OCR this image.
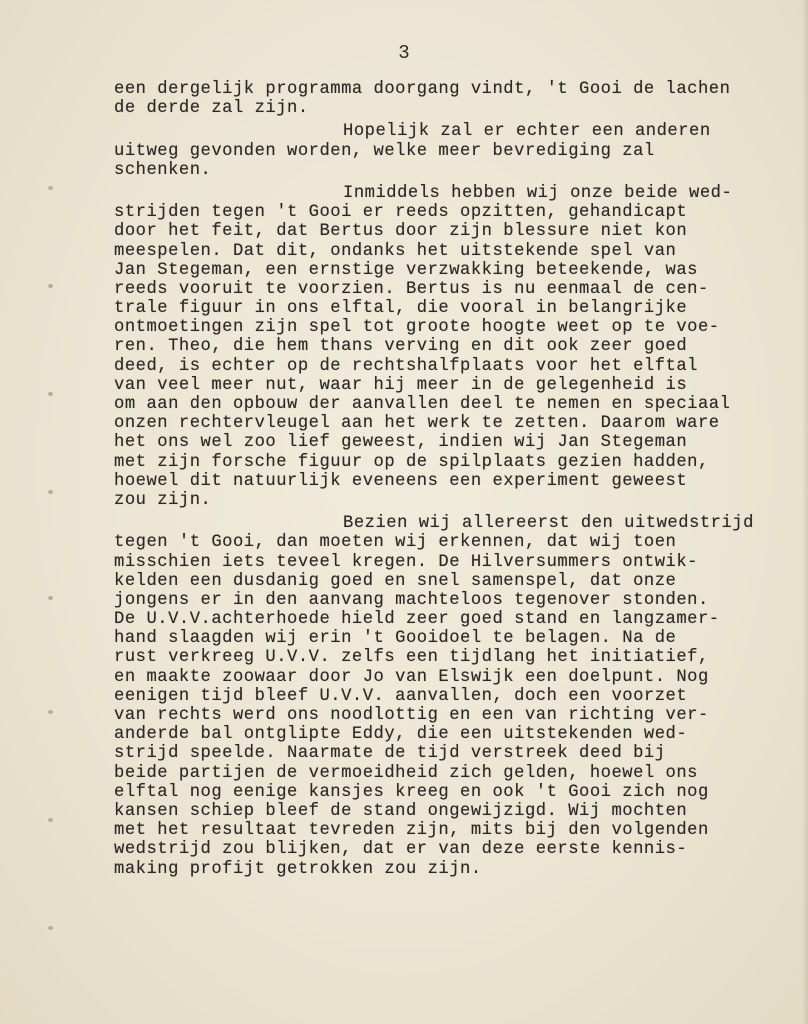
3
een dergelijk programma doorgang vindt, 't Gooi de lachen
de derde zal zijn.
Hopelijk zal er echter een anderen
uitweg gevonden worden, welke meer bevrediging zal
schenken.
Inmiddels hebben wij onze beide wed-
strijden tegen 't Gooi er reeds opzitten, gehandicapt
door het feit, dat Bertus door zijn blessure niet kon
meespelen. Dat dit, ondanks het uitstekende spel van
Jan Stegeman, een ernstige verzwakking beteekende, was
reeds vooruit te voorzien. Bertus is nu eenmaal de cen-
trale figuur in ons elftal, die vooral in belangrijke
ontmoetingen zijn spel tot groote hoogte weet op te voe-
ren. Theo, die hem thans verving en dit ook zeer goed
deed, is echter op de rechtshalfplaats voor het elftal
van veel meer nut, waar hij meer in de gelegenheid is
om aan den opbouw der aanvallen deel te nemen en speciaal
onzen rechtervleugel aan het werk te zetten. Daarom ware
het ons wel zoo lief geweest, indien wij Jan Stegeman
met zijn forsche figuur op de spilplaats gezien hadden,
hoewel dit natuurlijk eveneens een experiment geweest
zou zijn.
Bezien wij allereerst den uitwedstrijd
tegen 't Gooi, dan moeten wij erkennen, dat wij toen
misschien iets teveel kregen. De Hilversummers ontwik-
kelden een dusdanig goed en snel samenspel, dat onze
jongens er in den aanvang machteloos tegenover stonden.
De U.V.V.achterhoede hield zeer goed stand en langzamer-
hand slaagden wij erin 't Gooidoel te belagen. Na de
rust verkreeg U.V.V. zelfs een tijdlang het initiatief,
en maakte zoowaar door Jo van Elswijk een doelpunt. Nog
eenigen tijd bleef U.V.V. aanvallen, doch een voorzet
van rechts werd ons noodlottig en een van richting ver-
anderde bal ontglipte Eddy, die een uitstekenden wed-
strijd speelde. Naarmate de tijd verstreek deed bij
beide partijen de vermoeidheid zich gelden, hoewel ons
elftal nog eenige kansjes kreeg en ook 't Gooi zich nog
kansen schiep bleef de stand ongewijzigd. Wij mochten
met het resultaat tevreden zijn, mits bij den volgenden
wedstrijd zou blijken, dat er van deze eerste kennis-
making profijt getrokken zou zijn.
